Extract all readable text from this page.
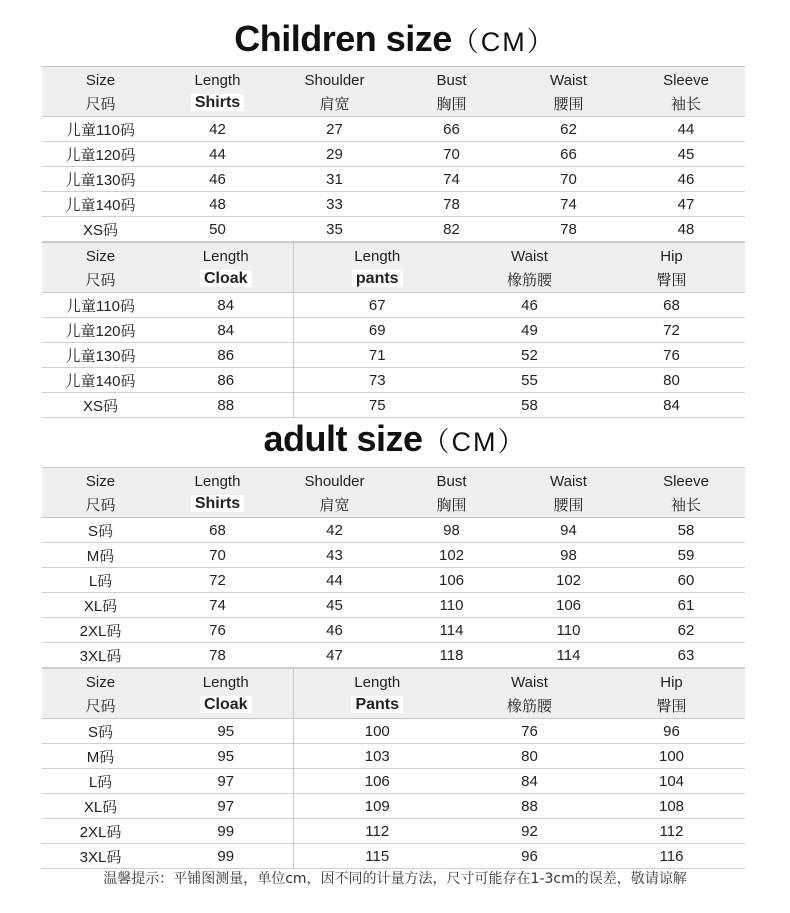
Children size（CM）
Size	Length	Shoulder	Bust	Waist	Sleeve
尺码	Shirts	肩宽	胸围	腰围	袖长
儿童110码	42	27	66	62	44
儿童120码	44	29	70	66	45
儿童130码	46	31	74	70	46
儿童140码	48	33	78	74	47
XS码	50	35	82	78	48
Size	Length	Length	Waist	Hip
尺码	Cloak	pants	橡筋腰	臀围
儿童110码	84	67	46	68
儿童120码	84	69	49	72
儿童130码	86	71	52	76
儿童140码	86	73	55	80
XS码	88	75	58	84
adult size（CM）
Size	Length	Shoulder	Bust	Waist	Sleeve
尺码	Shirts	肩宽	胸围	腰围	袖长
S码	68	42	98	94	58
M码	70	43	102	98	59
L码	72	44	106	102	60
XL码	74	45	110	106	61
2XL码	76	46	114	110	62
3XL码	78	47	118	114	63
Size	Length	Length	Waist	Hip
尺码	Cloak	Pants	橡筋腰	臀围
S码	95	100	76	96
M码	95	103	80	100
L码	97	106	84	104
XL码	97	109	88	108
2XL码	99	112	92	112
3XL码	99	115	96	116
温馨提示：平铺图测量，单位cm，因不同的计量方法，尺寸可能存在1-3cm的误差，敬请谅解
